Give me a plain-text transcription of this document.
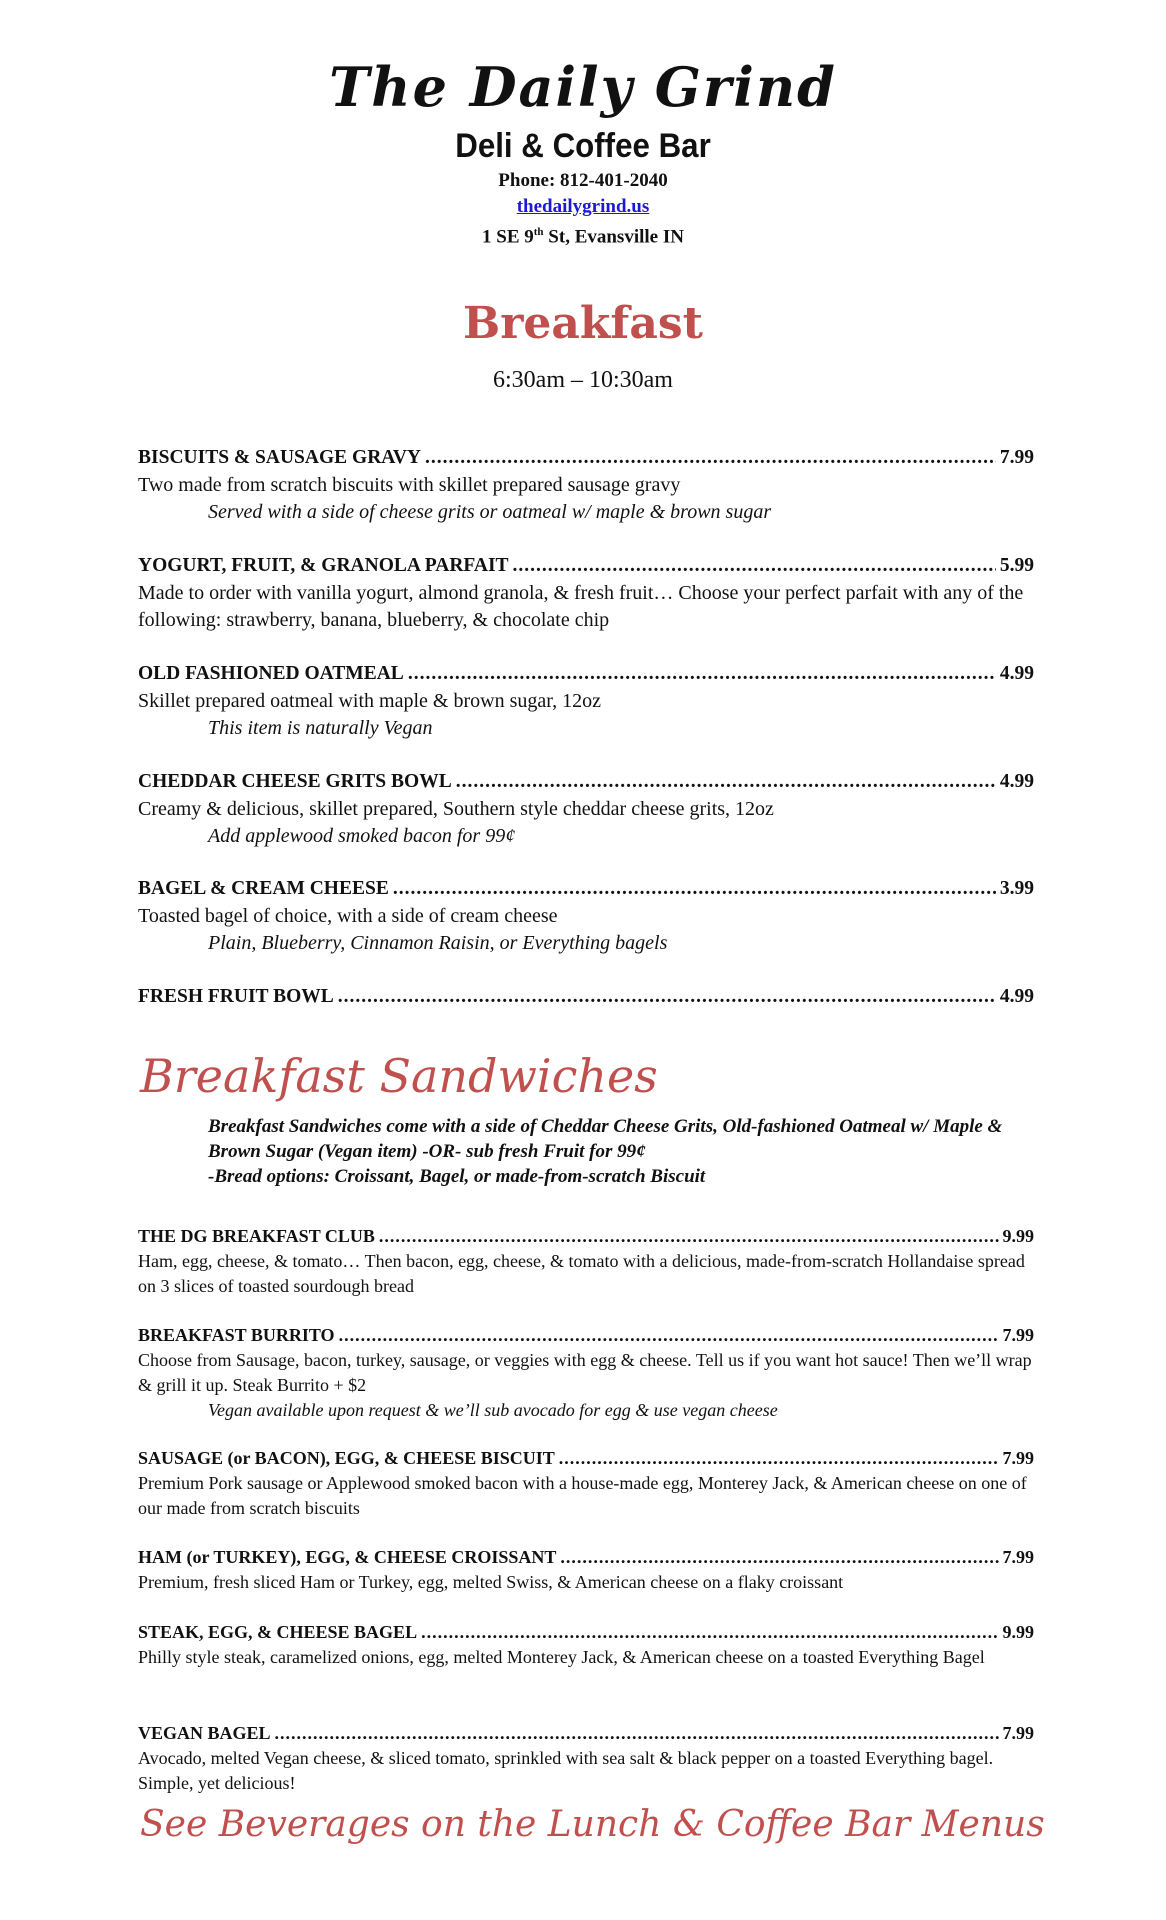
The Daily Grind
Deli & Coffee Bar
Phone: 812-401-2040
thedailygrind.us
1 SE 9th St, Evansville IN
Breakfast
6:30am – 10:30am
BISCUITS & SAUSAGE GRAVY .....	7.99
Two made from scratch biscuits with skillet prepared sausage gravy
Served with a side of cheese grits or oatmeal w/ maple & brown sugar
YOGURT, FRUIT, & GRANOLA PARFAIT .....	5.99
Made to order with vanilla yogurt, almond granola, & fresh fruit… Choose your perfect parfait with any of the following: strawberry, banana, blueberry, & chocolate chip
OLD FASHIONED OATMEAL .....	4.99
Skillet prepared oatmeal with maple & brown sugar, 12oz
This item is naturally Vegan
CHEDDAR CHEESE GRITS BOWL .....	4.99
Creamy & delicious, skillet prepared, Southern style cheddar cheese grits, 12oz
Add applewood smoked bacon for 99¢
BAGEL & CREAM CHEESE .....	3.99
Toasted bagel of choice, with a side of cream cheese
Plain, Blueberry, Cinnamon Raisin, or Everything bagels
FRESH FRUIT BOWL .....	4.99
Breakfast Sandwiches
Breakfast Sandwiches come with a side of Cheddar Cheese Grits, Old-fashioned Oatmeal w/ Maple & Brown Sugar (Vegan item) -OR- sub fresh Fruit for 99¢
-Bread options: Croissant, Bagel, or made-from-scratch Biscuit
THE DG BREAKFAST CLUB .....	9.99
Ham, egg, cheese, & tomato… Then bacon, egg, cheese, & tomato with a delicious, made-from-scratch Hollandaise spread on 3 slices of toasted sourdough bread
BREAKFAST BURRITO .....	7.99
Choose from Sausage, bacon, turkey, sausage, or veggies with egg & cheese. Tell us if you want hot sauce! Then we’ll wrap & grill it up. Steak Burrito + $2
Vegan available upon request & we’ll sub avocado for egg & use vegan cheese
SAUSAGE (or BACON), EGG, & CHEESE BISCUIT .....	7.99
Premium Pork sausage or Applewood smoked bacon with a house-made egg, Monterey Jack, & American cheese on one of our made from scratch biscuits
HAM (or TURKEY), EGG, & CHEESE CROISSANT .....	7.99
Premium, fresh sliced Ham or Turkey, egg, melted Swiss, & American cheese on a flaky croissant
STEAK, EGG, & CHEESE BAGEL .....	9.99
Philly style steak, caramelized onions, egg, melted Monterey Jack, & American cheese on a toasted Everything Bagel
VEGAN BAGEL .....	7.99
Avocado, melted Vegan cheese, & sliced tomato, sprinkled with sea salt & black pepper on a toasted Everything bagel. Simple, yet delicious!
See Beverages on the Lunch & Coffee Bar Menus
